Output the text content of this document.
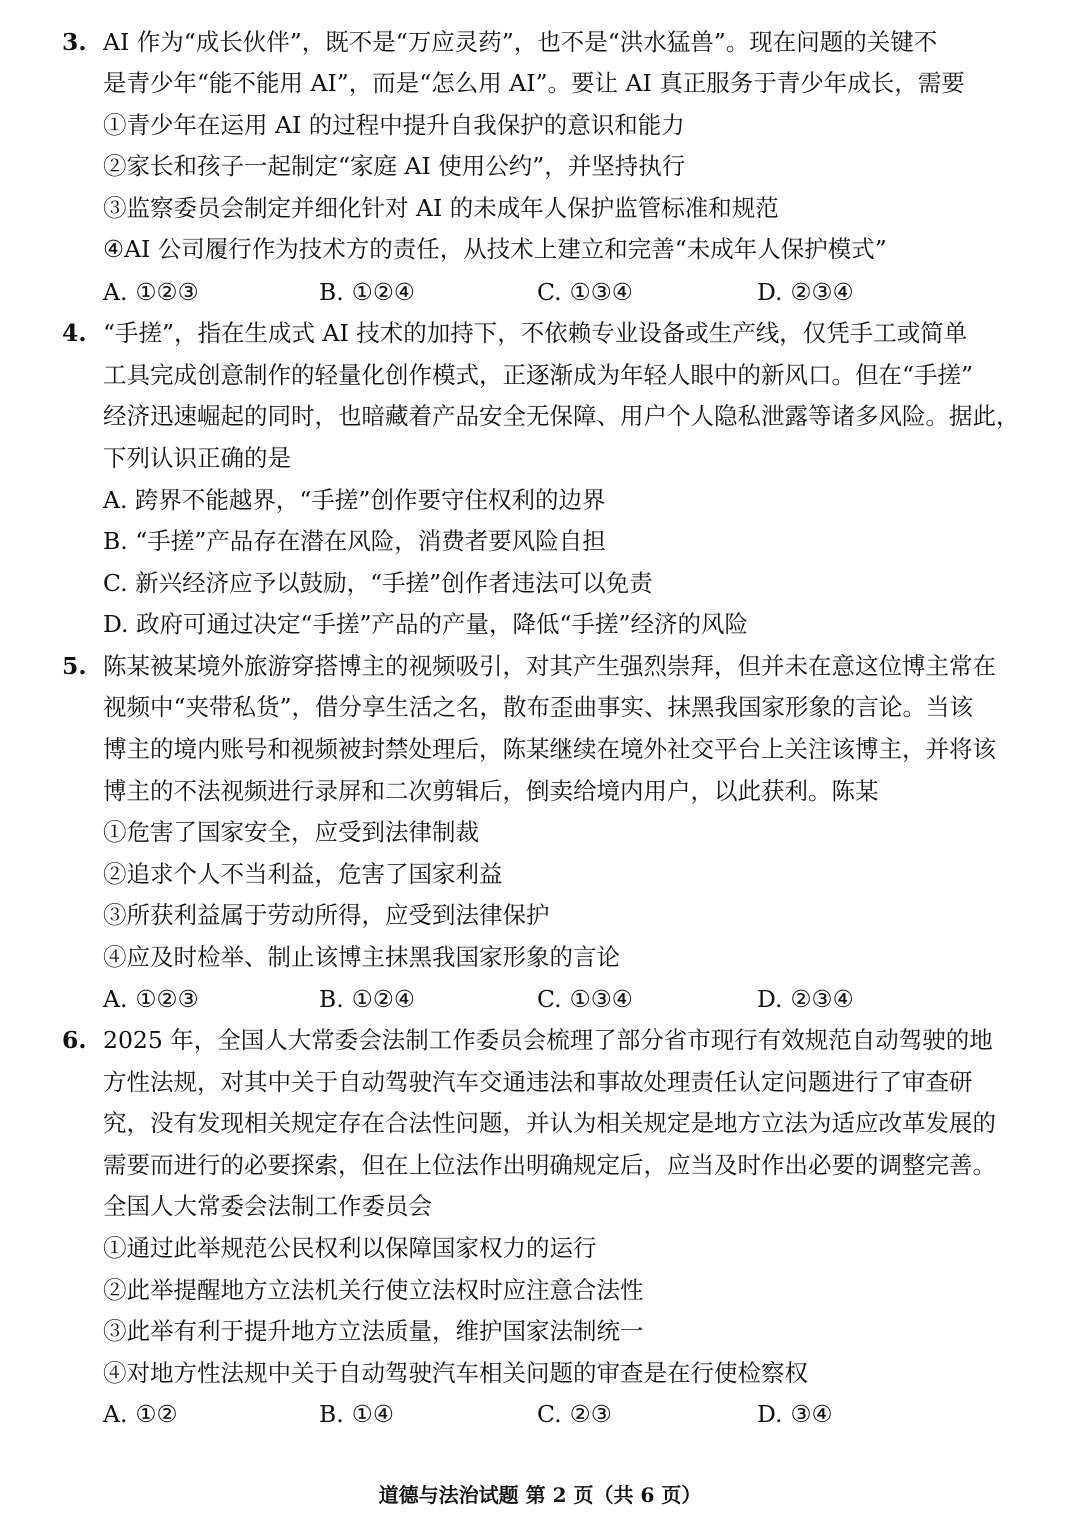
3. AI 作为“成长伙伴”，既不是“万应灵药”，也不是“洪水猛兽”。现在问题的关键不
是青少年“能不能用 AI”，而是“怎么用 AI”。要让 AI 真正服务于青少年成长，需要
①青少年在运用 AI 的过程中提升自我保护的意识和能力
②家长和孩子一起制定“家庭 AI 使用公约”，并坚持执行
③监察委员会制定并细化针对 AI 的未成年人保护监管标准和规范
④AI 公司履行作为技术方的责任，从技术上建立和完善“未成年人保护模式”
A. ①②③	B. ①②④	C. ①③④	D. ②③④
4. “手搓”，指在生成式 AI 技术的加持下，不依赖专业设备或生产线，仅凭手工或简单
工具完成创意制作的轻量化创作模式，正逐渐成为年轻人眼中的新风口。但在“手搓”
经济迅速崛起的同时，也暗藏着产品安全无保障、用户个人隐私泄露等诸多风险。据此，
下列认识正确的是
A. 跨界不能越界，“手搓”创作要守住权利的边界
B. “手搓”产品存在潜在风险，消费者要风险自担
C. 新兴经济应予以鼓励，“手搓”创作者违法可以免责
D. 政府可通过决定“手搓”产品的产量，降低“手搓”经济的风险
5. 陈某被某境外旅游穿搭博主的视频吸引，对其产生强烈崇拜，但并未在意这位博主常在
视频中“夹带私货”，借分享生活之名，散布歪曲事实、抹黑我国家形象的言论。当该
博主的境内账号和视频被封禁处理后，陈某继续在境外社交平台上关注该博主，并将该
博主的不法视频进行录屏和二次剪辑后，倒卖给境内用户，以此获利。陈某
①危害了国家安全，应受到法律制裁
②追求个人不当利益，危害了国家利益
③所获利益属于劳动所得，应受到法律保护
④应及时检举、制止该博主抹黑我国家形象的言论
A. ①②③	B. ①②④	C. ①③④	D. ②③④
6. 2025 年，全国人大常委会法制工作委员会梳理了部分省市现行有效规范自动驾驶的地
方性法规，对其中关于自动驾驶汽车交通违法和事故处理责任认定问题进行了审查研
究，没有发现相关规定存在合法性问题，并认为相关规定是地方立法为适应改革发展的
需要而进行的必要探索，但在上位法作出明确规定后，应当及时作出必要的调整完善。
全国人大常委会法制工作委员会
①通过此举规范公民权利以保障国家权力的运行
②此举提醒地方立法机关行使立法权时应注意合法性
③此举有利于提升地方立法质量，维护国家法制统一
④对地方性法规中关于自动驾驶汽车相关问题的审查是在行使检察权
A. ①②	B. ①④	C. ②③	D. ③④
道德与法治试题 第 2 页（共 6 页）
